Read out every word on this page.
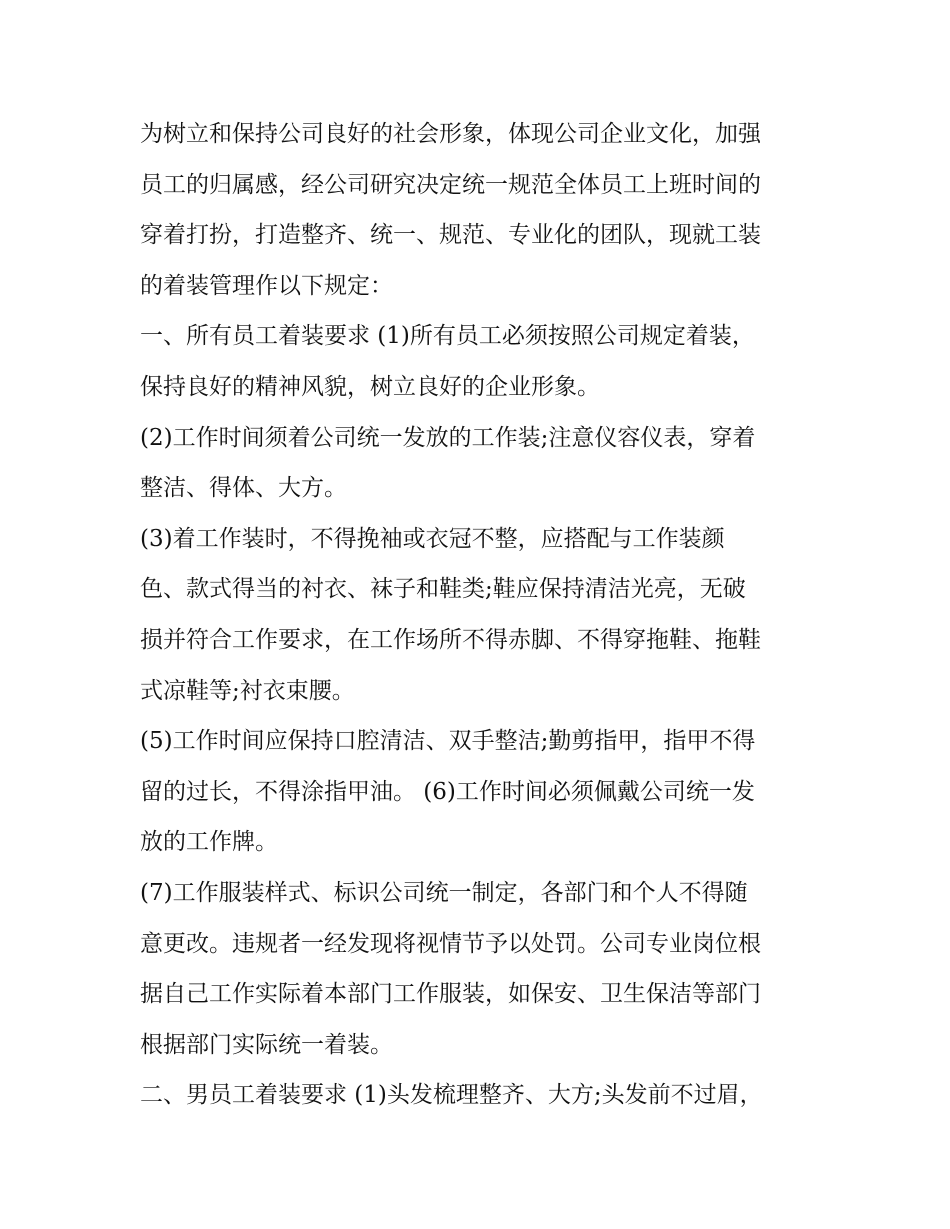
为树立和保持公司良好的社会形象，体现公司企业文化，加强
员工的归属感，经公司研究决定统一规范全体员工上班时间的
穿着打扮，打造整齐、统一、规范、专业化的团队，现就工装
的着装管理作以下规定：
一、所有员工着装要求 (1)所有员工必须按照公司规定着装，
保持良好的精神风貌，树立良好的企业形象。
(2)工作时间须着公司统一发放的工作装;注意仪容仪表，穿着
整洁、得体、大方。
(3)着工作装时，不得挽袖或衣冠不整，应搭配与工作装颜
色、款式得当的衬衣、袜子和鞋类;鞋应保持清洁光亮，无破
损并符合工作要求，在工作场所不得赤脚、不得穿拖鞋、拖鞋
式凉鞋等;衬衣束腰。
(5)工作时间应保持口腔清洁、双手整洁;勤剪指甲，指甲不得
留的过长，不得涂指甲油。 (6)工作时间必须佩戴公司统一发
放的工作牌。
(7)工作服装样式、标识公司统一制定，各部门和个人不得随
意更改。违规者一经发现将视情节予以处罚。公司专业岗位根
据自己工作实际着本部门工作服装，如保安、卫生保洁等部门
根据部门实际统一着装。
二、男员工着装要求 (1)头发梳理整齐、大方;头发前不过眉，
